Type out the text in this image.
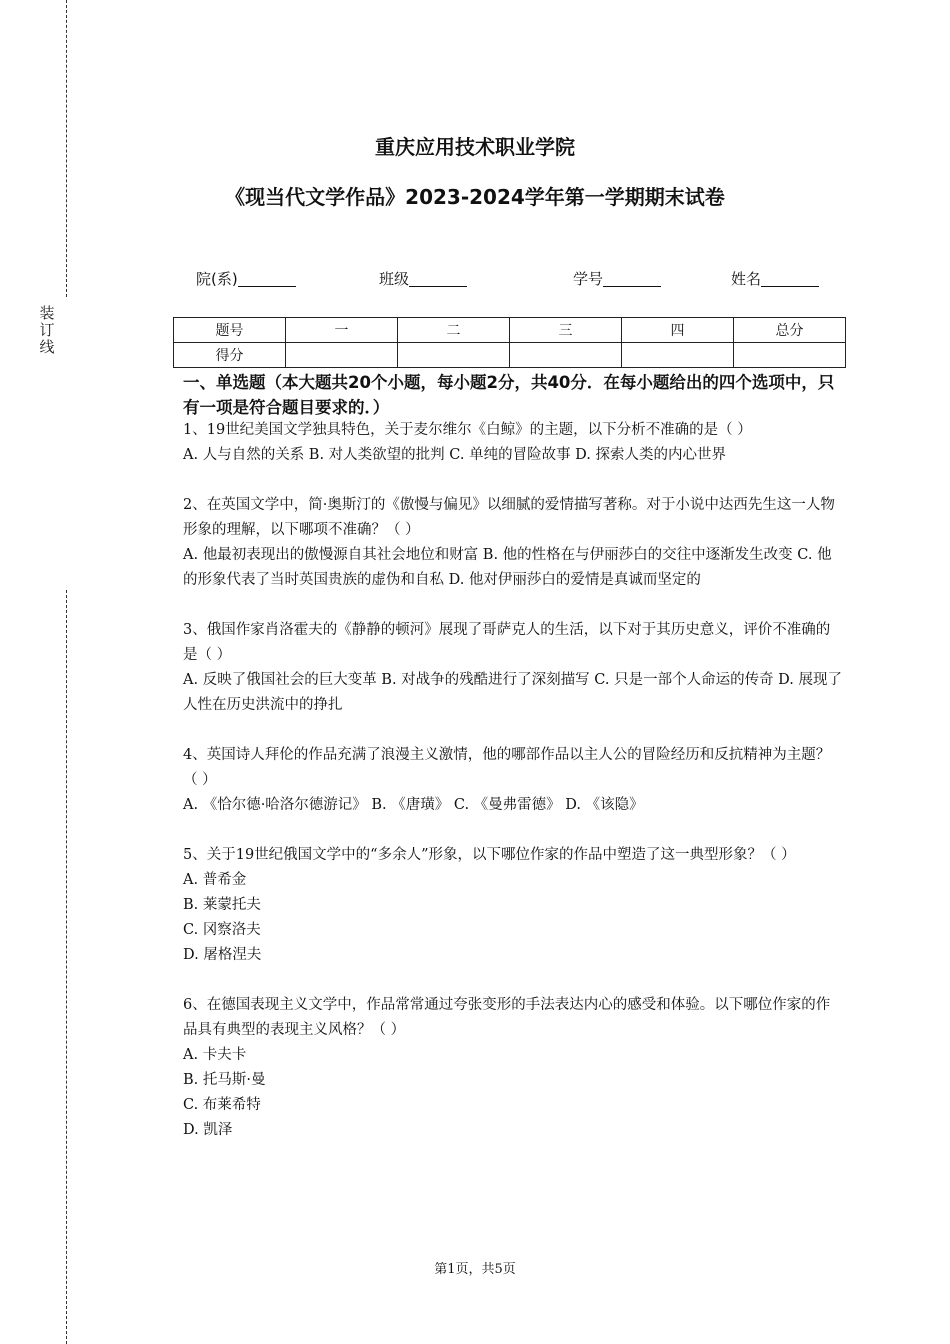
装
订
线
重庆应用技术职业学院
《现当代文学作品》2023-2024学年第一学期期末试卷
院(系)	班级	学号	姓名
题号	一	二	三	四	总分
得分					
一、单选题（本大题共20个小题，每小题2分，共40分．在每小题给出的四个选项中，只有一项是符合题目要求的．）

1、19世纪美国文学独具特色，关于麦尔维尔《白鲸》的主题，以下分析不准确的是（ ）

A. 人与自然的关系 B. 对人类欲望的批判 C. 单纯的冒险故事 D. 探索人类的内心世界

2、在英国文学中，简·奥斯汀的《傲慢与偏见》以细腻的爱情描写著称。对于小说中达西先生这一人物形象的理解，以下哪项不准确？（ ）

A. 他最初表现出的傲慢源自其社会地位和财富 B. 他的性格在与伊丽莎白的交往中逐渐发生改变 C. 他的形象代表了当时英国贵族的虚伪和自私 D. 他对伊丽莎白的爱情是真诚而坚定的

3、俄国作家肖洛霍夫的《静静的顿河》展现了哥萨克人的生活，以下对于其历史意义，评价不准确的是（ ）

A. 反映了俄国社会的巨大变革 B. 对战争的残酷进行了深刻描写 C. 只是一部个人命运的传奇 D. 展现了人性在历史洪流中的挣扎

4、英国诗人拜伦的作品充满了浪漫主义激情，他的哪部作品以主人公的冒险经历和反抗精神为主题？（ ）

A. 《恰尔德·哈洛尔德游记》 B. 《唐璜》 C. 《曼弗雷德》 D. 《该隐》

5、关于19世纪俄国文学中的“多余人”形象，以下哪位作家的作品中塑造了这一典型形象？（ ）

A. 普希金
B. 莱蒙托夫
C. 冈察洛夫
D. 屠格涅夫

6、在德国表现主义文学中，作品常常通过夸张变形的手法表达内心的感受和体验。以下哪位作家的作品具有典型的表现主义风格？（ ）

A. 卡夫卡
B. 托马斯·曼
C. 布莱希特
D. 凯泽
第1页，共5页
